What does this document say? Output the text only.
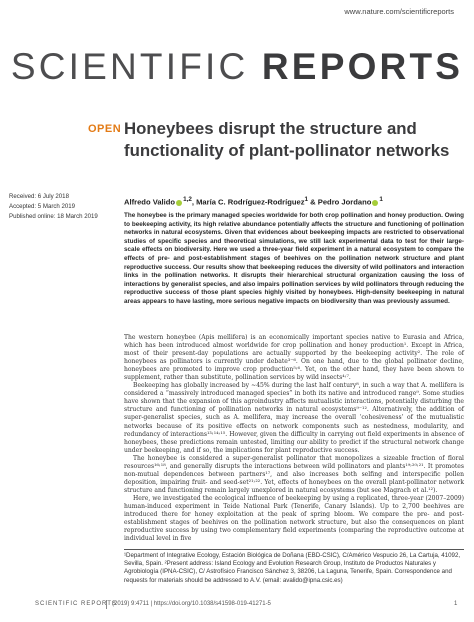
www.nature.com/scientificreports
SCIENTIFIC REPORTS
OPEN Honeybees disrupt the structure and functionality of plant-pollinator networks
Alfredo Valido $^{1,2}$, María C. Rodríguez-Rodríguez$^1$ & Pedro Jordano $^1$
Received: 6 July 2018
Accepted: 5 March 2019
Published online: 18 March 2019	The honeybee is the primary managed species worldwide for both crop pollination and honey production. Owing to beekeeping activity, its high relative abundance potentially affects the structure and functioning of pollination networks in natural ecosystems. Given that evidences about beekeeping impacts are restricted to observational studies of specific species and theoretical simulations, we still lack experimental data to test for their large-scale effects on biodiversity. Here we used a three-year field experiment in a natural ecosystem to compare the effects of pre- and post-establishment stages of beehives on the pollination network structure and plant reproductive success. Our results show that beekeeping reduces the diversity of wild pollinators and interaction links in the pollination networks. It disrupts their hierarchical structural organization causing the loss of interactions by generalist species, and also impairs pollination services by wild pollinators through reducing the reproductive success of those plant species highly visited by honeybees. High-density beekeeping in natural areas appears to have lasting, more serious negative impacts on biodiversity than was previously assumed.

The western honeybee (Apis mellifera) is an economically important species native to Eurasia and Africa, which has been introduced almost worldwide for crop pollination and honey production¹. Except in Africa, most of their present-day populations are actually supported by the beekeeping activity². The role of honeybees as pollinators is currently under debate³⁻⁶. On one hand, due to the global pollinator decline, honeybees are promoted to improve crop production⁵˒⁶. Yet, on the other hand, they have been shown to supplement, rather than substitute, pollination services by wild insects⁴˒⁷.

Beekeeping has globally increased by ~45% during the last half century⁸, in such a way that A. mellifera is considered a “massively introduced managed species” in both its native and introduced range⁹. Some studies have shown that the expansion of this agroindustry affects mutualistic interactions, potentially disturbing the structure and functioning of pollination networks in natural ecosystems⁹⁻¹². Alternatively, the addition of super-generalist species, such as A. mellifera, may increase the overall ‘cohesiveness’ of the mutualistic networks because of its positive effects on network components such as nestedness, modularity, and redundancy of interactions¹³˒¹⁴˒¹⁵. However, given the difficulty in carrying out field experiments in absence of honeybees, these predictions remain untested, limiting our ability to predict if the structural network change under beekeeping, and if so, the implications for plant reproductive success.

The honeybee is considered a super-generalist pollinator that monopolizes a sizeable fraction of floral resources¹⁶˒¹⁸, and generally disrupts the interactions between wild pollinators and plants¹⁹˒²⁰˒²¹. It promotes non-mutual dependences between partners¹⁷, and also increases both selfing and interspecific pollen deposition, impairing fruit- and seed-set²¹˒²². Yet, effects of honeybees on the overall plant-pollinator network structure and functioning remain largely unexplored in natural ecosystems (but see Magrach et al.¹²).

Here, we investigated the ecological influence of beekeeping by using a replicated, three-year (2007–2009) human-induced experiment in Teide National Park (Tenerife, Canary Islands). Up to 2,700 beehives are introduced there for honey exploitation at the peak of spring bloom. We compare the pre- and post-establishment stages of beehives on the pollination network structure, but also the consequences on plant reproductive success by using two complementary field experiments (comparing the reproductive outcome at individual level in five

¹Department of Integrative Ecology, Estación Biológica de Doñana (EBD-CSIC), C/Américo Vespucio 26, La Cartuja, 41092, Sevilla, Spain. ²Present address: Island Ecology and Evolution Research Group, Instituto de Productos Naturales y Agrobiología (IPNA-CSIC), C/ Astrofísico Francisco Sánchez 3, 38206, La Laguna, Tenerife, Spain. Correspondence and requests for materials should be addressed to A.V. (email: avalido@ipna.csic.es)
SCIENTIFIC REPORTS
(2019) 9:4711 | https://doi.org/10.1038/s41598-019-41271-5	1
